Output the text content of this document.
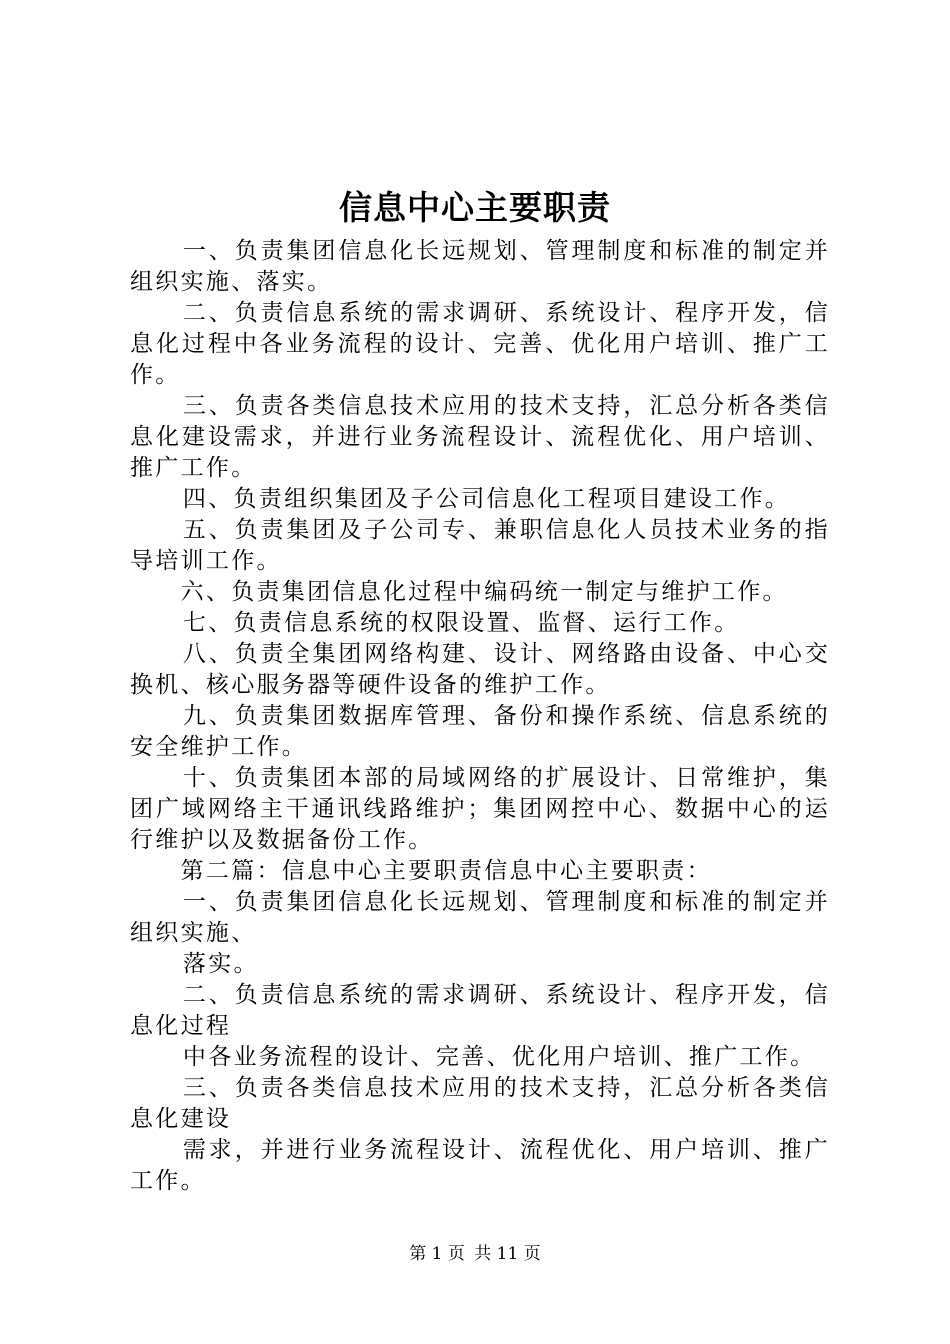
信息中心主要职责

一、负责集团信息化长远规划、管理制度和标准的制定并组织实施、落实。

二、负责信息系统的需求调研、系统设计、程序开发，信息化过程中各业务流程的设计、完善、优化用户培训、推广工作。

三、负责各类信息技术应用的技术支持，汇总分析各类信息化建设需求，并进行业务流程设计、流程优化、用户培训、推广工作。

四、负责组织集团及子公司信息化工程项目建设工作。

五、负责集团及子公司专、兼职信息化人员技术业务的指导培训工作。

六、负责集团信息化过程中编码统一制定与维护工作。

七、负责信息系统的权限设置、监督、运行工作。

八、负责全集团网络构建、设计、网络路由设备、中心交换机、核心服务器等硬件设备的维护工作。

九、负责集团数据库管理、备份和操作系统、信息系统的安全维护工作。

十、负责集团本部的局域网络的扩展设计、日常维护，集团广域网络主干通讯线路维护；集团网控中心、数据中心的运行维护以及数据备份工作。

第二篇：信息中心主要职责信息中心主要职责：

一、负责集团信息化长远规划、管理制度和标准的制定并组织实施、

落实。

二、负责信息系统的需求调研、系统设计、程序开发，信息化过程

中各业务流程的设计、完善、优化用户培训、推广工作。

三、负责各类信息技术应用的技术支持，汇总分析各类信息化建设

需求，并进行业务流程设计、流程优化、用户培训、推广工作。

第 1 页 共 11 页
